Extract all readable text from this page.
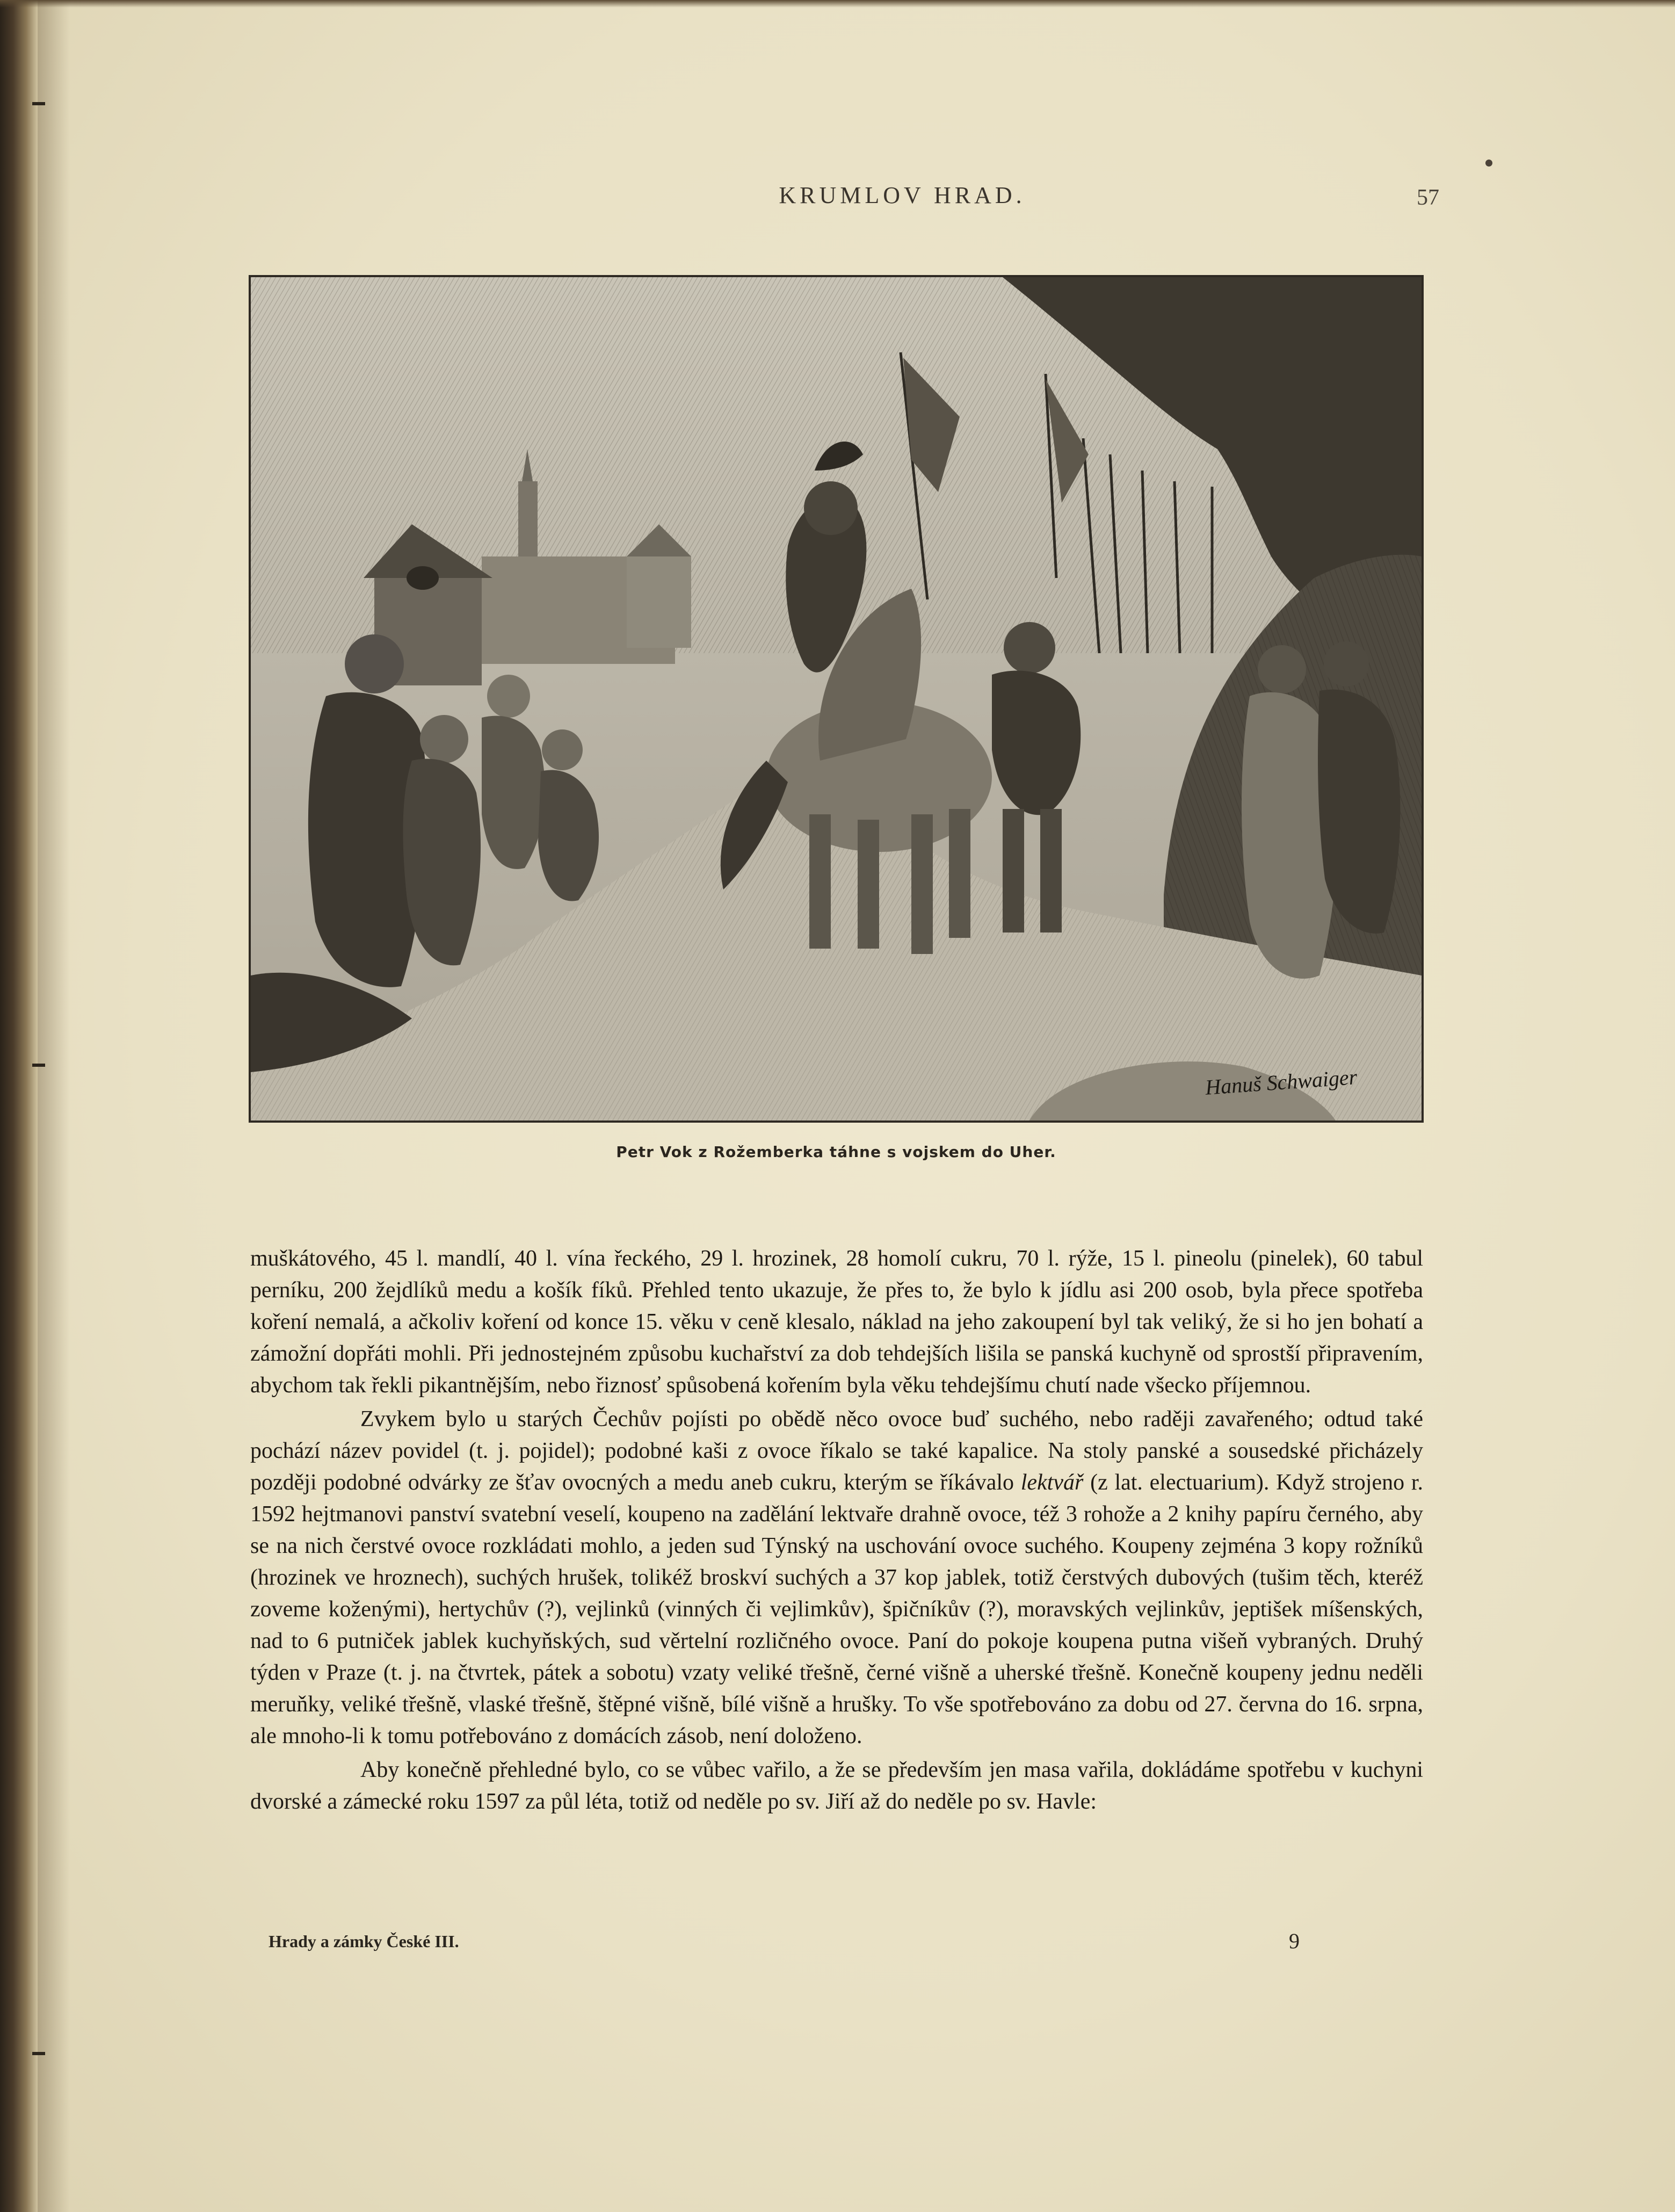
KRUMLOV HRAD.	57
Hanuš Schwaiger
Petr Vok z Rožemberka táhne s vojskem do Uher.

muškátového, 45 l. mandlí, 40 l. vína řeckého, 29 l. hrozinek, 28 homolí cukru, 70 l. rýže, 15 l. pineolu (pinelek), 60 tabul perníku, 200 žejdlíků medu a košík fíků. Přehled tento ukazuje, že přes to, že bylo k jídlu asi 200 osob, byla přece spotřeba koření nemalá, a ačkoliv koření od konce 15. věku v ceně klesalo, náklad na jeho zakoupení byl tak veliký, že si ho jen bohatí a zámožní dopřáti mohli. Při jednostejném způsobu kuchařství za dob tehdejších lišila se panská kuchyně od sprostší připravením, abychom tak řekli pikantnějším, nebo řiznosť spůsobená kořením byla věku tehdejšímu chutí nade všecko příjemnou.

Zvykem bylo u starých Čechův pojísti po obědě něco ovoce buď suchého, nebo raději zavařeného; odtud také pochází název povidel (t. j. pojidel); podobné kaši z ovoce říkalo se také kapalice. Na stoly panské a sousedské přicházely později podobné odvárky ze šťav ovocných a medu aneb cukru, kterým se říkávalo lektvář (z lat. electuarium). Když strojeno r. 1592 hejtmanovi panství svatební veselí, koupeno na zadělání lektvaře drahně ovoce, též 3 rohože a 2 knihy papíru černého, aby se na nich čerstvé ovoce rozkládati mohlo, a jeden sud Týnský na uschování ovoce suchého. Koupeny zejména 3 kopy rožníků (hrozinek ve hroznech), suchých hrušek, tolikéž broskví suchých a 37 kop jablek, totiž čerstvých dubových (tušim těch, kteréž zoveme koženými), hertychův (?), vejlinků (vinných či vejlimkův), špičníkův (?), moravských vejlinkův, jeptišek míšenských, nad to 6 putniček jablek kuchyňských, sud věrtelní rozličného ovoce. Paní do pokoje koupena putna višeň vybraných. Druhý týden v Praze (t. j. na čtvrtek, pátek a sobotu) vzaty veliké třešně, černé višně a uherské třešně. Konečně koupeny jednu neděli meruňky, veliké třešně, vlaské třešně, štěpné višně, bílé višně a hrušky. To vše spotřebováno za dobu od 27. června do 16. srpna, ale mnoho-li k tomu potřebováno z domácích zásob, není doloženo.

Aby konečně přehledné bylo, co se vůbec vařilo, a že se především jen masa vařila, dokládáme spotřebu v kuchyni dvorské a zámecké roku 1597 za půl léta, totiž od neděle po sv. Jiří až do neděle po sv. Havle:

Hrady a zámky České III.	9
